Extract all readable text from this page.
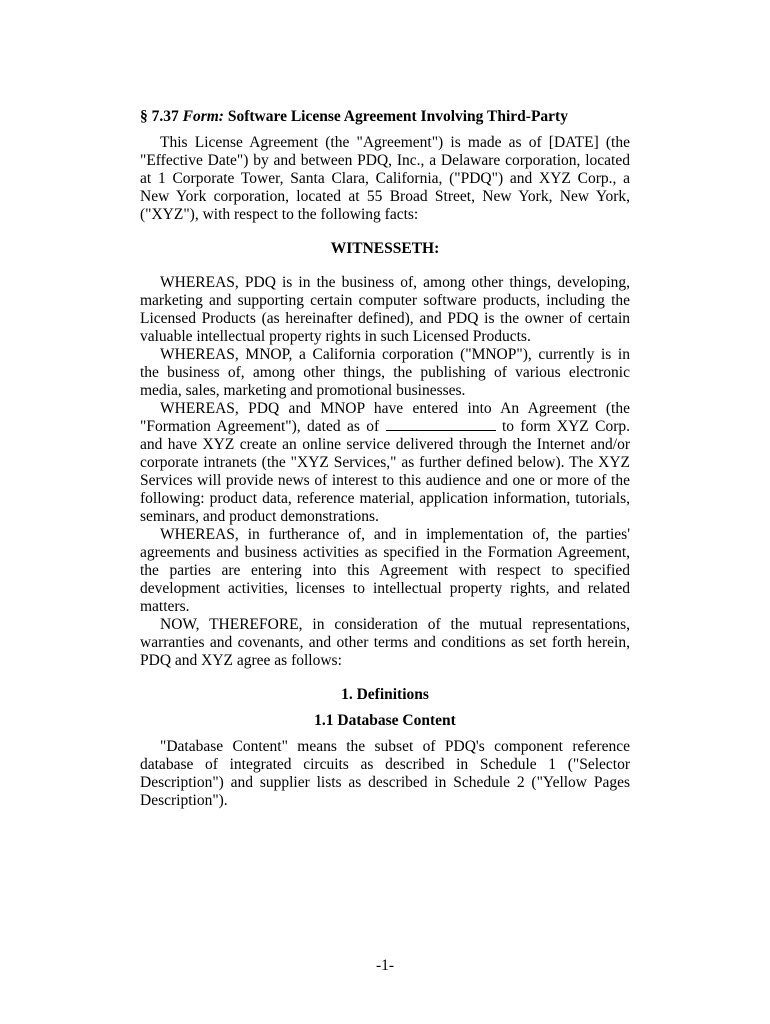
§ 7.37 Form: Software License Agreement Involving Third-Party

This License Agreement (the "Agreement") is made as of [DATE] (the "Effective Date") by and between PDQ, Inc., a Delaware corporation, located at 1 Corporate Tower, Santa Clara, California, ("PDQ") and XYZ Corp., a New York corporation, located at 55 Broad Street, New York, New York, ("XYZ"), with respect to the following facts:

WITNESSETH:

WHEREAS, PDQ is in the business of, among other things, developing, marketing and supporting certain computer software products, including the Licensed Products (as hereinafter defined), and PDQ is the owner of certain valuable intellectual property rights in such Licensed Products.

WHEREAS, MNOP, a California corporation ("MNOP"), currently is in the business of, among other things, the publishing of various electronic media, sales, marketing and promotional businesses.

WHEREAS, PDQ and MNOP have entered into An Agreement (the "Formation Agreement"), dated as of	to form XYZ Corp. and have XYZ create an online service delivered through the Internet and/or corporate intranets (the "XYZ Services," as further defined below). The XYZ Services will provide news of interest to this audience and one or more of the following: product data, reference material, application information, tutorials, seminars, and product demonstrations.

WHEREAS, in furtherance of, and in implementation of, the parties' agreements and business activities as specified in the Formation Agreement, the parties are entering into this Agreement with respect to specified development activities, licenses to intellectual property rights, and related matters.

NOW, THEREFORE, in consideration of the mutual representations, warranties and covenants, and other terms and conditions as set forth herein, PDQ and XYZ agree as follows:

1. Definitions
1.1 Database Content

"Database Content" means the subset of PDQ's component reference database of integrated circuits as described in Schedule 1 ("Selector Description") and supplier lists as described in Schedule 2 ("Yellow Pages Description").

-1-
